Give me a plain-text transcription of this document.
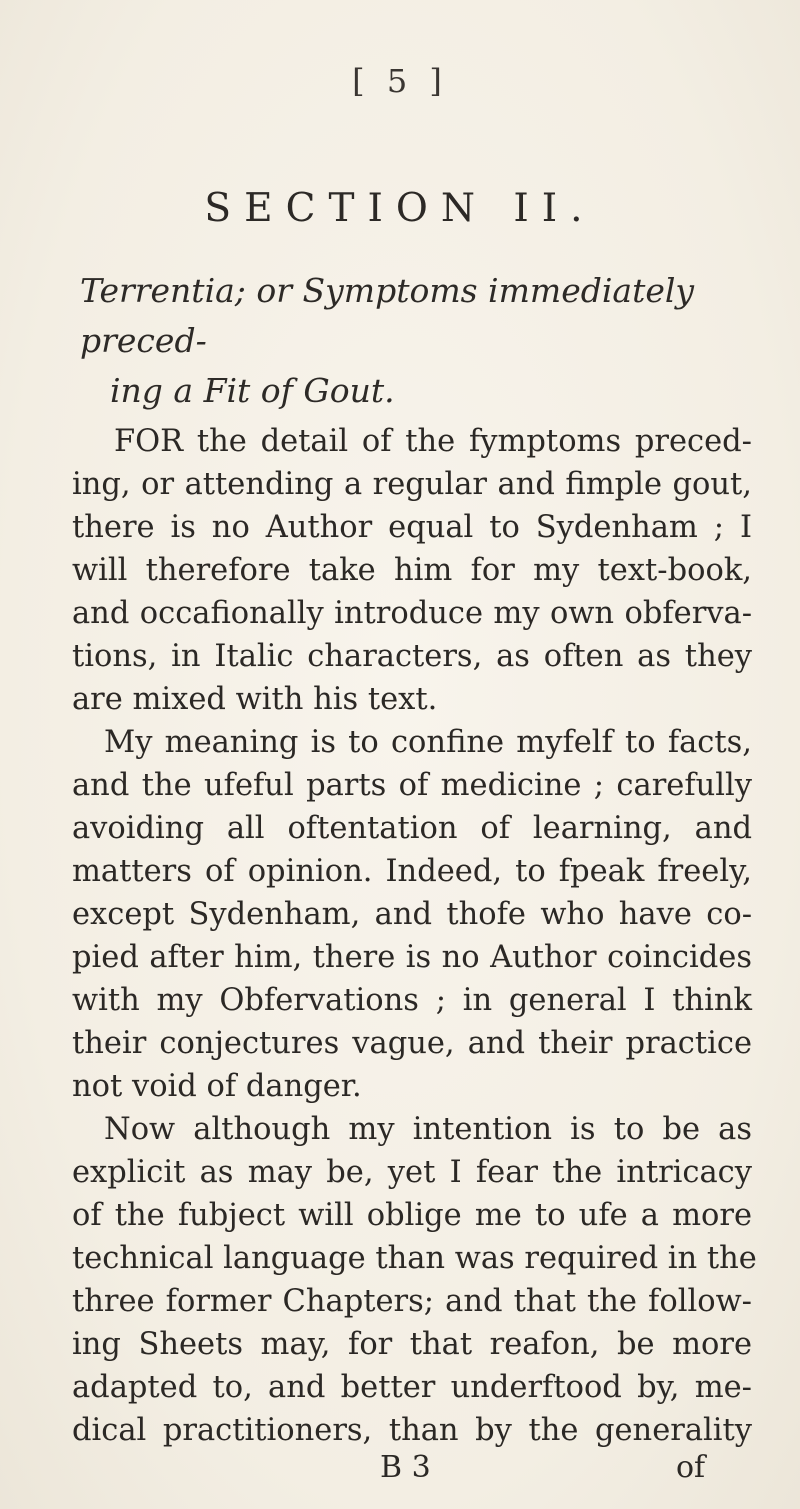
[ 5 ]
SECTION II.
Terrentia; or Symptoms immediately preced-
ing a Fit of Gout.
FOR the detail of the fymptoms preced-
ing, or attending a regular and fimple gout,
there is no Author equal to Sydenham ; I
will therefore take him for my text-book,
and occafionally introduce my own obferva-
tions, in Italic characters, as often as they
are mixed with his text.
My meaning is to confine myfelf to facts,
and the ufeful parts of medicine ; carefully
avoiding all oftentation of learning, and
matters of opinion. Indeed, to fpeak freely,
except Sydenham, and thofe who have co-
pied after him, there is no Author coincides
with my Obfervations ; in general I think
their conjectures vague, and their practice
not void of danger.
Now although my intention is to be as
explicit as may be, yet I fear the intricacy
of the fubject will oblige me to ufe a more
technical language than was required in the
three former Chapters; and that the follow-
ing Sheets may, for that reafon, be more
adapted to, and better underftood by, me-
dical practitioners, than by the generality
B 3	of
